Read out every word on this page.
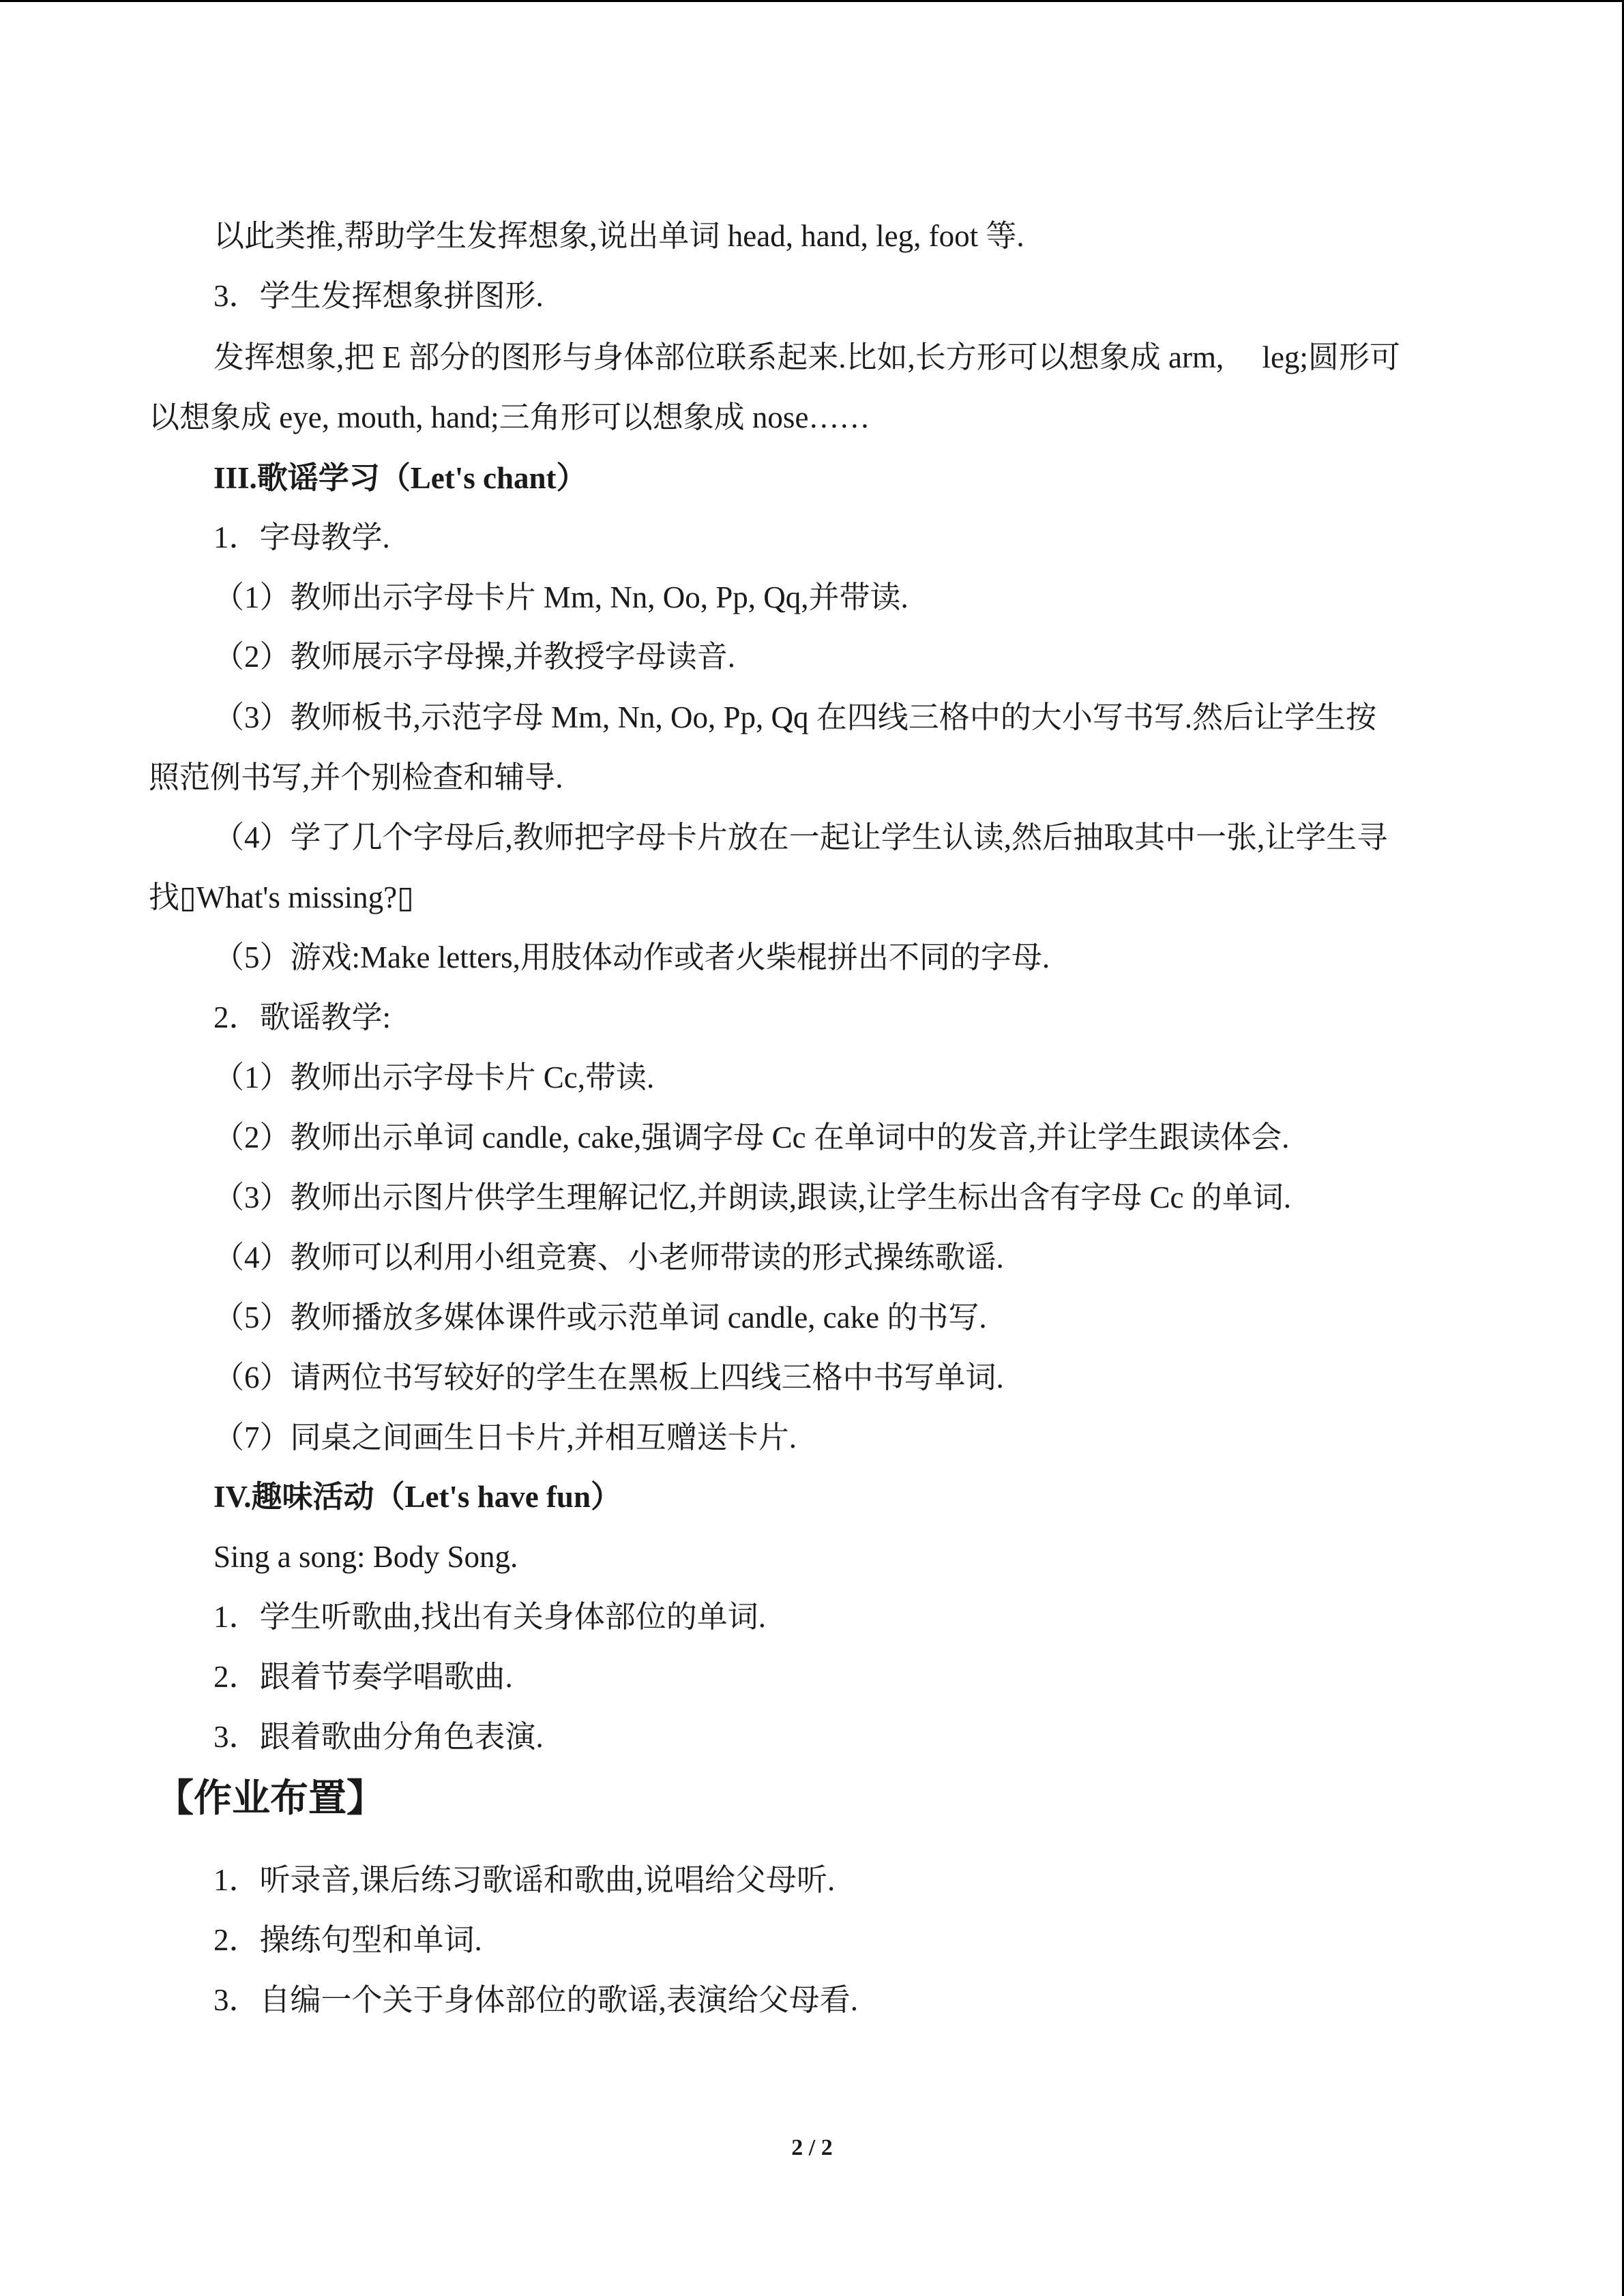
以此类推,帮助学生发挥想象,说出单词 head, hand, leg, foot 等.
3．学生发挥想象拼图形.
发挥想象,把 E 部分的图形与身体部位联系起来.比如,长方形可以想象成 arm,　 leg;圆形可
以想象成 eye, mouth, hand;三角形可以想象成 nose……
III.歌谣学习（Let's chant）
1．字母教学.
（1）教师出示字母卡片 Mm, Nn, Oo, Pp, Qq,并带读.
（2）教师展示字母操,并教授字母读音.
（3）教师板书,示范字母 Mm, Nn, Oo, Pp, Qq 在四线三格中的大小写书写.然后让学生按
照范例书写,并个别检查和辅导.
（4）学了几个字母后,教师把字母卡片放在一起让学生认读,然后抽取其中一张,让学生寻
找▯What's missing?▯
（5）游戏:Make letters,用肢体动作或者火柴棍拼出不同的字母.
2．歌谣教学:
（1）教师出示字母卡片 Cc,带读.
（2）教师出示单词 candle, cake,强调字母 Cc 在单词中的发音,并让学生跟读体会.
（3）教师出示图片供学生理解记忆,并朗读,跟读,让学生标出含有字母 Cc 的单词.
（4）教师可以利用小组竞赛、小老师带读的形式操练歌谣.
（5）教师播放多媒体课件或示范单词 candle, cake 的书写.
（6）请两位书写较好的学生在黑板上四线三格中书写单词.
（7）同桌之间画生日卡片,并相互赠送卡片.
IV.趣味活动（Let's have fun）
Sing a song: Body Song.
1．学生听歌曲,找出有关身体部位的单词.
2．跟着节奏学唱歌曲.
3．跟着歌曲分角色表演.
【作业布置】
1．听录音,课后练习歌谣和歌曲,说唱给父母听.
2．操练句型和单词.
3．自编一个关于身体部位的歌谣,表演给父母看.
2 / 2
